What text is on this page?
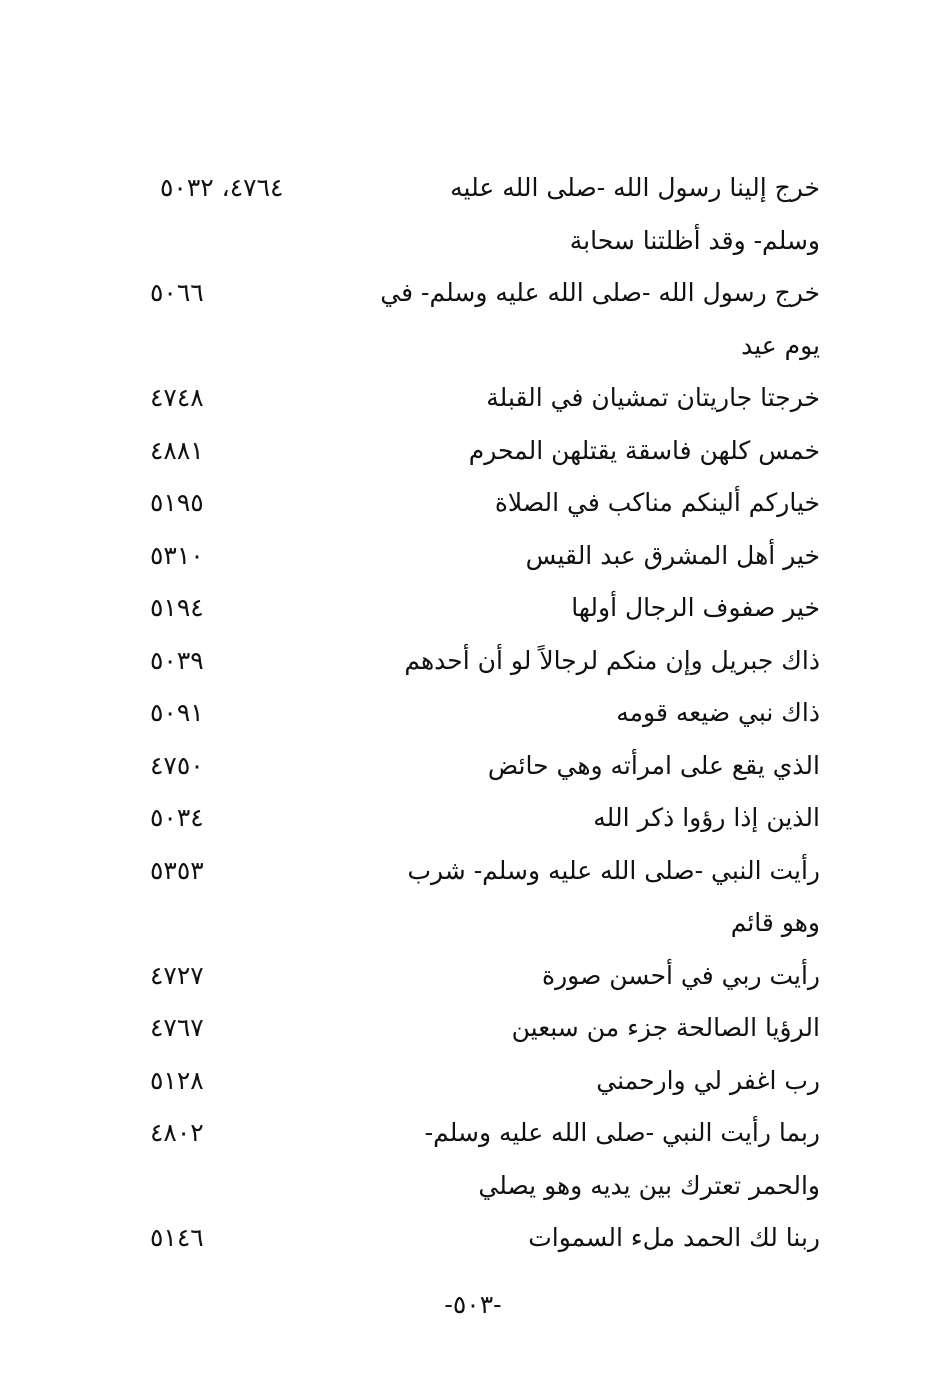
خرج إلينا رسول الله -صلى الله عليه وسلم- وقد أظلتنا سحابة
٤٧٦٤، ٥٠٣٢
خرج رسول الله -صلى الله عليه وسلم- في يوم عيد
٥٠٦٦
خرجتا جاريتان تمشيان في القبلة
٤٧٤٨
خمس كلهن فاسقة يقتلهن المحرم
٤٨٨١
خياركم ألينكم مناكب في الصلاة
٥١٩٥
خير أهل المشرق عبد القيس
٥٣١٠
خير صفوف الرجال أولها
٥١٩٤
ذاك جبريل وإن منكم لرجالاً لو أن أحدهم
٥٠٣٩
ذاك نبي ضيعه قومه
٥٠٩١
الذي يقع على امرأته وهي حائض
٤٧٥٠
الذين إذا رؤوا ذكر الله
٥٠٣٤
رأيت النبي -صلى الله عليه وسلم- شرب وهو قائم
٥٣٥٣
رأيت ربي في أحسن صورة
٤٧٢٧
الرؤيا الصالحة جزء من سبعين
٤٧٦٧
رب اغفر لي وارحمني
٥١٢٨
ربما رأيت النبي -صلى الله عليه وسلم- والحمر تعترك بين يديه وهو يصلي
٤٨٠٢
ربنا لك الحمد ملء السموات
٥١٤٦
-٥٠٣-
